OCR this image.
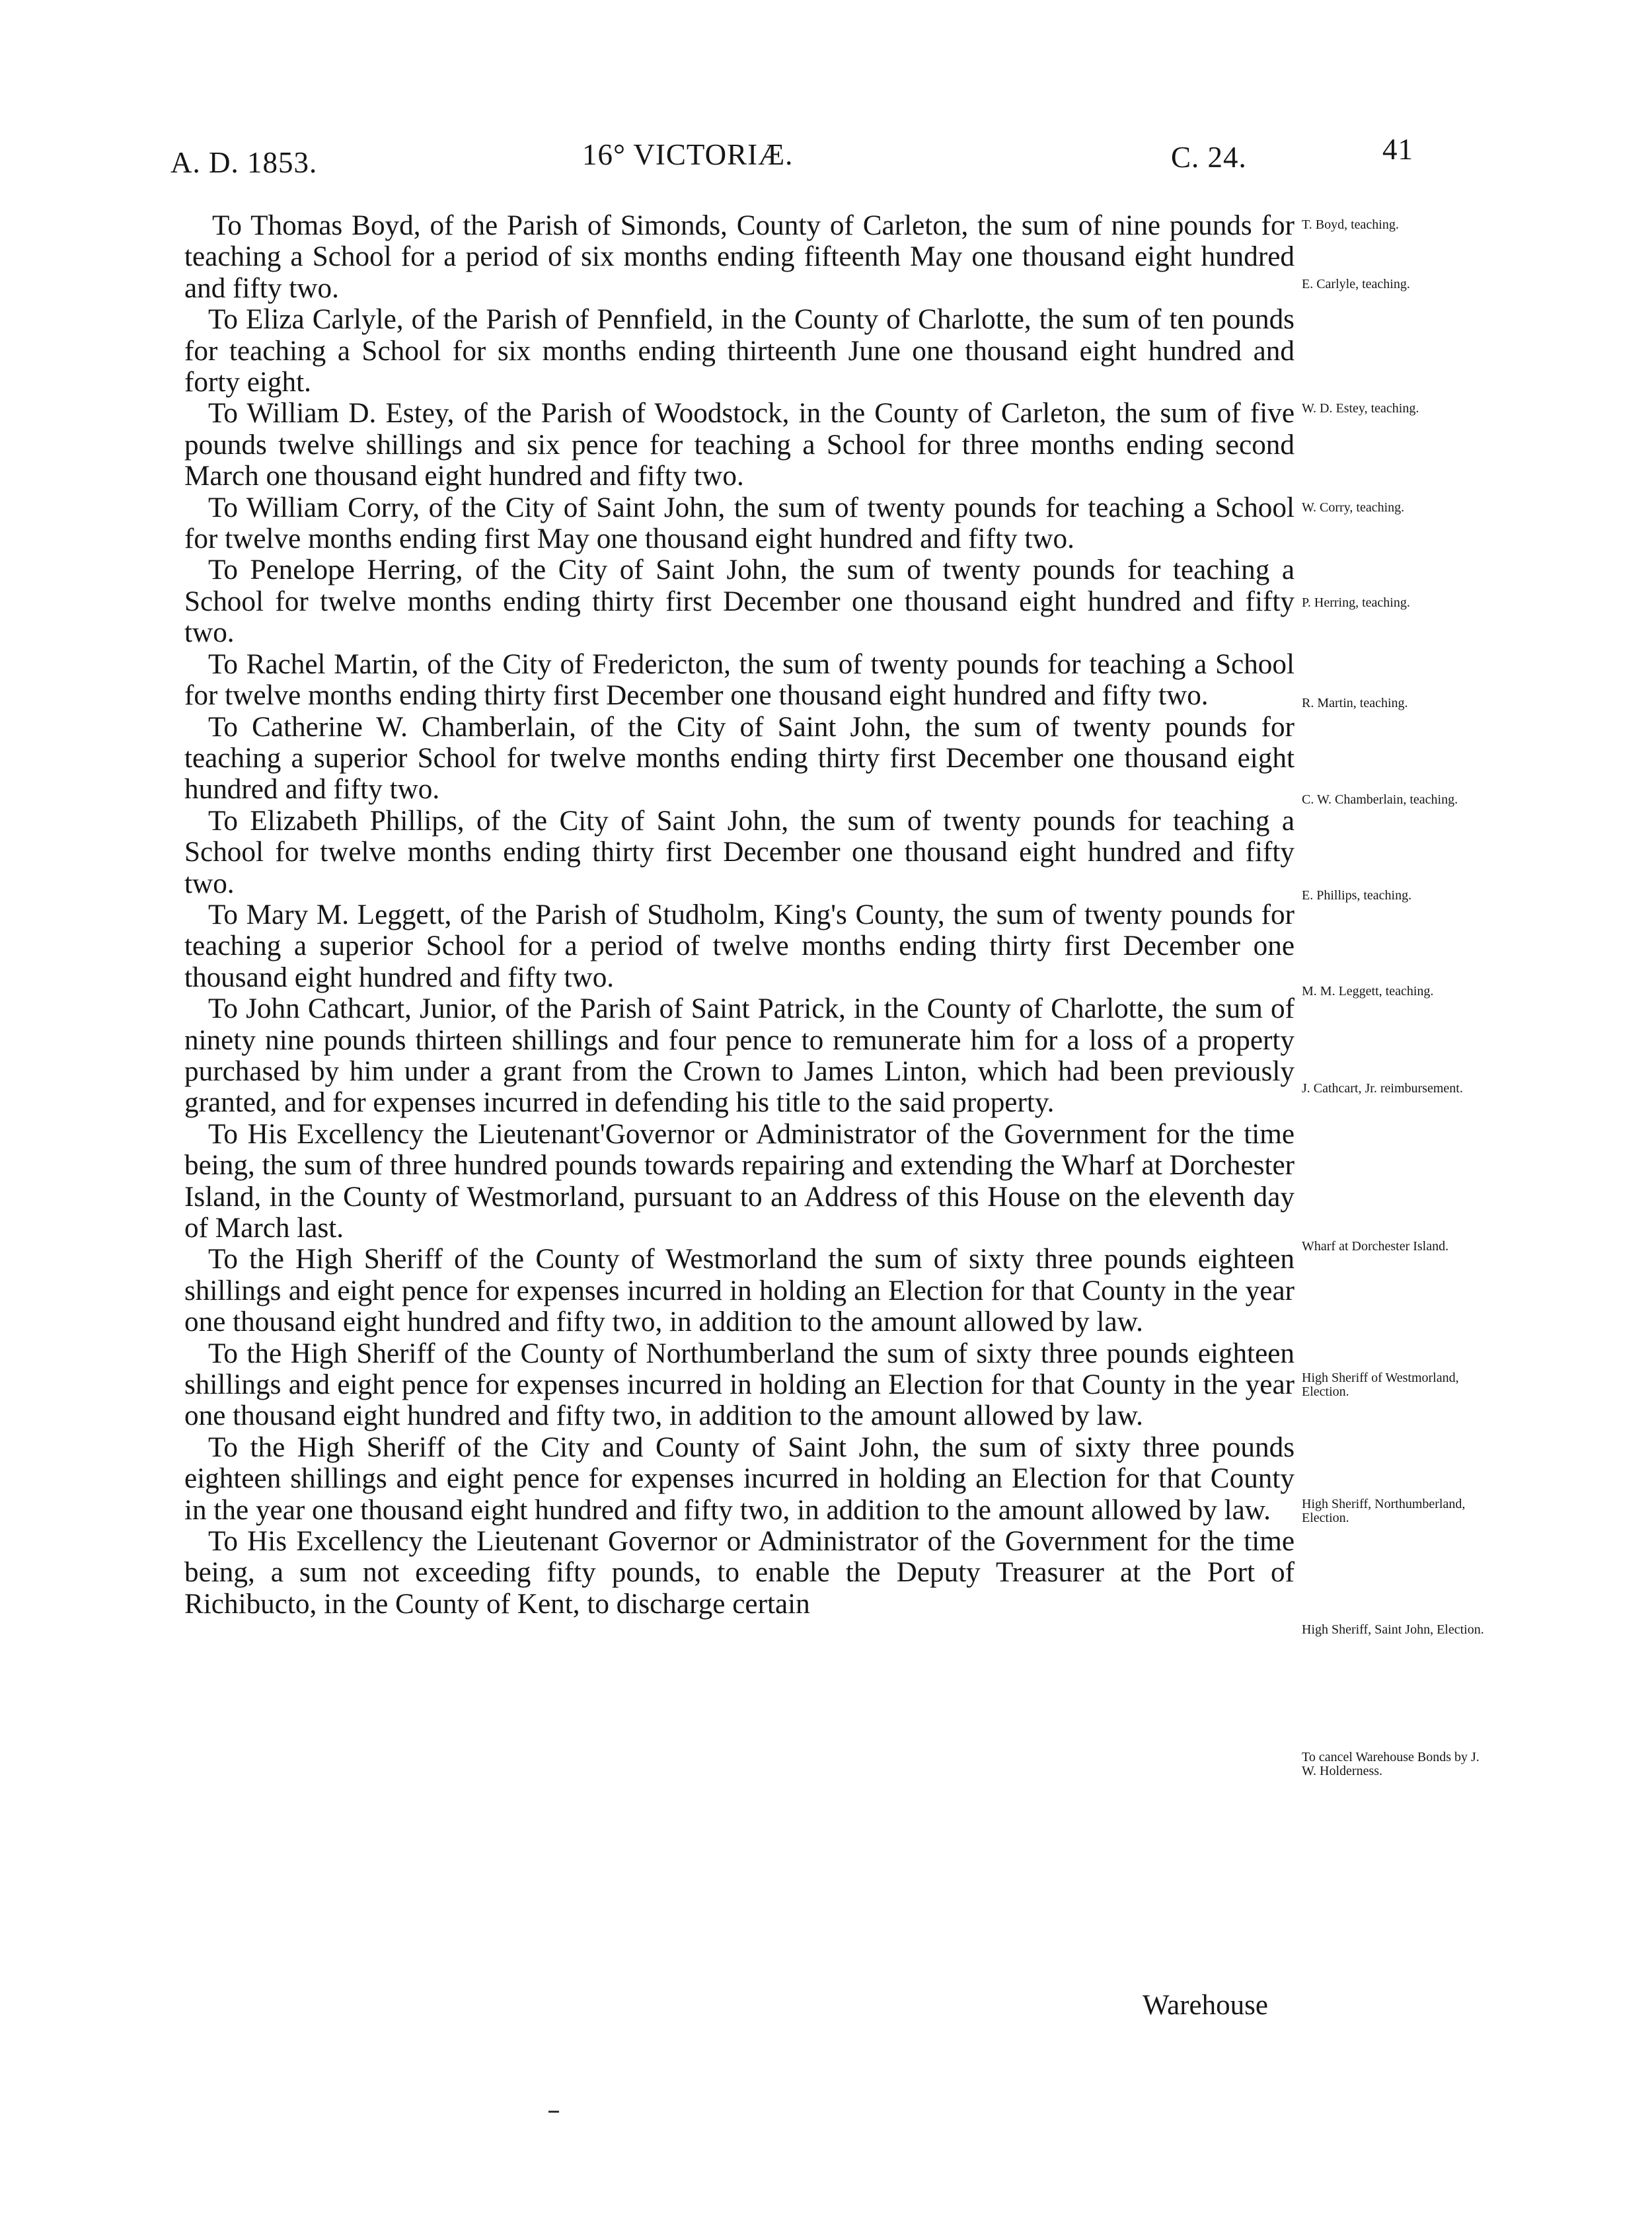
A. D. 1853.	16° VICTORIÆ.	C. 24.	41

To Thomas Boyd, of the Parish of Simonds, County of Carleton, the sum of nine pounds for teaching a School for a period of six months ending fifteenth May one thousand eight hundred and fifty two.

To Eliza Carlyle, of the Parish of Pennfield, in the County of Charlotte, the sum of ten pounds for teaching a School for six months ending thirteenth June one thousand eight hundred and forty eight.

To William D. Estey, of the Parish of Woodstock, in the County of Carleton, the sum of five pounds twelve shillings and six pence for teaching a School for three months ending second March one thousand eight hundred and fifty two.

To William Corry, of the City of Saint John, the sum of twenty pounds for teaching a School for twelve months ending first May one thousand eight hundred and fifty two.

To Penelope Herring, of the City of Saint John, the sum of twenty pounds for teaching a School for twelve months ending thirty first December one thousand eight hundred and fifty two.

To Rachel Martin, of the City of Fredericton, the sum of twenty pounds for teaching a School for twelve months ending thirty first December one thousand eight hundred and fifty two.

To Catherine W. Chamberlain, of the City of Saint John, the sum of twenty pounds for teaching a superior School for twelve months ending thirty first December one thousand eight hundred and fifty two.

To Elizabeth Phillips, of the City of Saint John, the sum of twenty pounds for teaching a School for twelve months ending thirty first December one thousand eight hundred and fifty two.

To Mary M. Leggett, of the Parish of Studholm, King's County, the sum of twenty pounds for teaching a superior School for a period of twelve months ending thirty first December one thousand eight hundred and fifty two.

To John Cathcart, Junior, of the Parish of Saint Patrick, in the County of Charlotte, the sum of ninety nine pounds thirteen shillings and four pence to remunerate him for a loss of a property purchased by him under a grant from the Crown to James Linton, which had been previously granted, and for expenses incurred in defending his title to the said property.

To His Excellency the Lieutenant'Governor or Administrator of the Government for the time being, the sum of three hundred pounds towards repairing and extending the Wharf at Dorchester Island, in the County of Westmorland, pursuant to an Address of this House on the eleventh day of March last.

To the High Sheriff of the County of Westmorland the sum of sixty three pounds eighteen shillings and eight pence for expenses incurred in holding an Election for that County in the year one thousand eight hundred and fifty two, in addition to the amount allowed by law.

To the High Sheriff of the County of Northumberland the sum of sixty three pounds eighteen shillings and eight pence for expenses incurred in holding an Election for that County in the year one thousand eight hundred and fifty two, in addition to the amount allowed by law.

To the High Sheriff of the City and County of Saint John, the sum of sixty three pounds eighteen shillings and eight pence for expenses incurred in holding an Election for that County in the year one thousand eight hundred and fifty two, in addition to the amount allowed by law.

To His Excellency the Lieutenant Governor or Administrator of the Government for the time being, a sum not exceeding fifty pounds, to enable the Deputy Treasurer at the Port of Richibucto, in the County of Kent, to discharge certain

Warehouse
T. Boyd, teaching.
E. Carlyle, teaching.
W. D. Estey, teaching.
W. Corry, teaching.
P. Herring, teaching.
R. Martin, teaching.
C. W. Chamberlain, teaching.
E. Phillips, teaching.
M. M. Leggett, teaching.
J. Cathcart, Jr. reimbursement.
Wharf at Dorchester Island.
High Sheriff of Westmorland, Election.
High Sheriff, Northumberland, Election.
High Sheriff, Saint John, Election.
To cancel Warehouse Bonds by J. W. Holderness.
